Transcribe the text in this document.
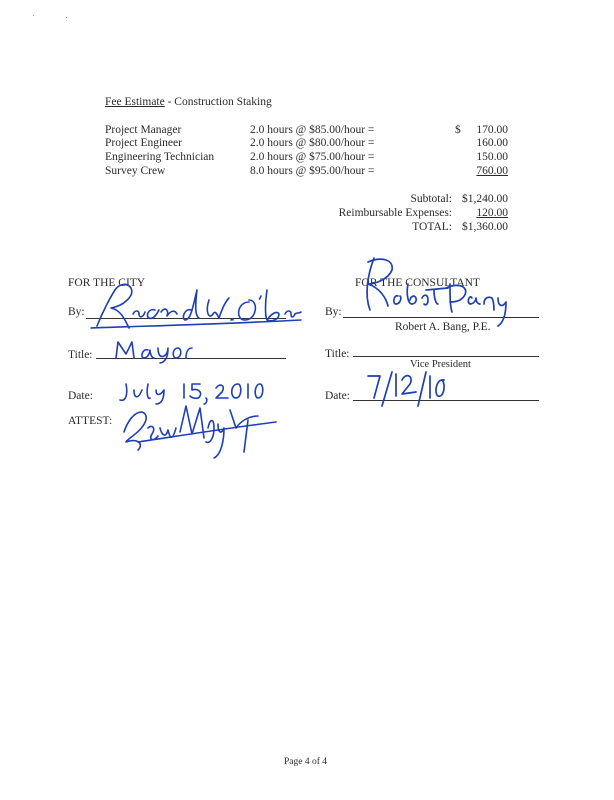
Fee Estimate - Construction Staking
Project Manager	2.0 hours @ $85.00/hour =	$ 170.00
Project Engineer	2.0 hours @ $80.00/hour =	160.00
Engineering Technician	2.0 hours @ $75.00/hour =	150.00
Survey Crew	8.0 hours @ $95.00/hour =	760.00
Subtotal: $1,240.00
Reimbursable Expenses: 120.00
TOTAL: $1,360.00
FOR THE CITY
By:
Title:
Date:
ATTEST:
FOR THE CONSULTANT
By:
Robert A. Bang, P.E.
Title:
Vice President
Date:
Page 4 of 4
